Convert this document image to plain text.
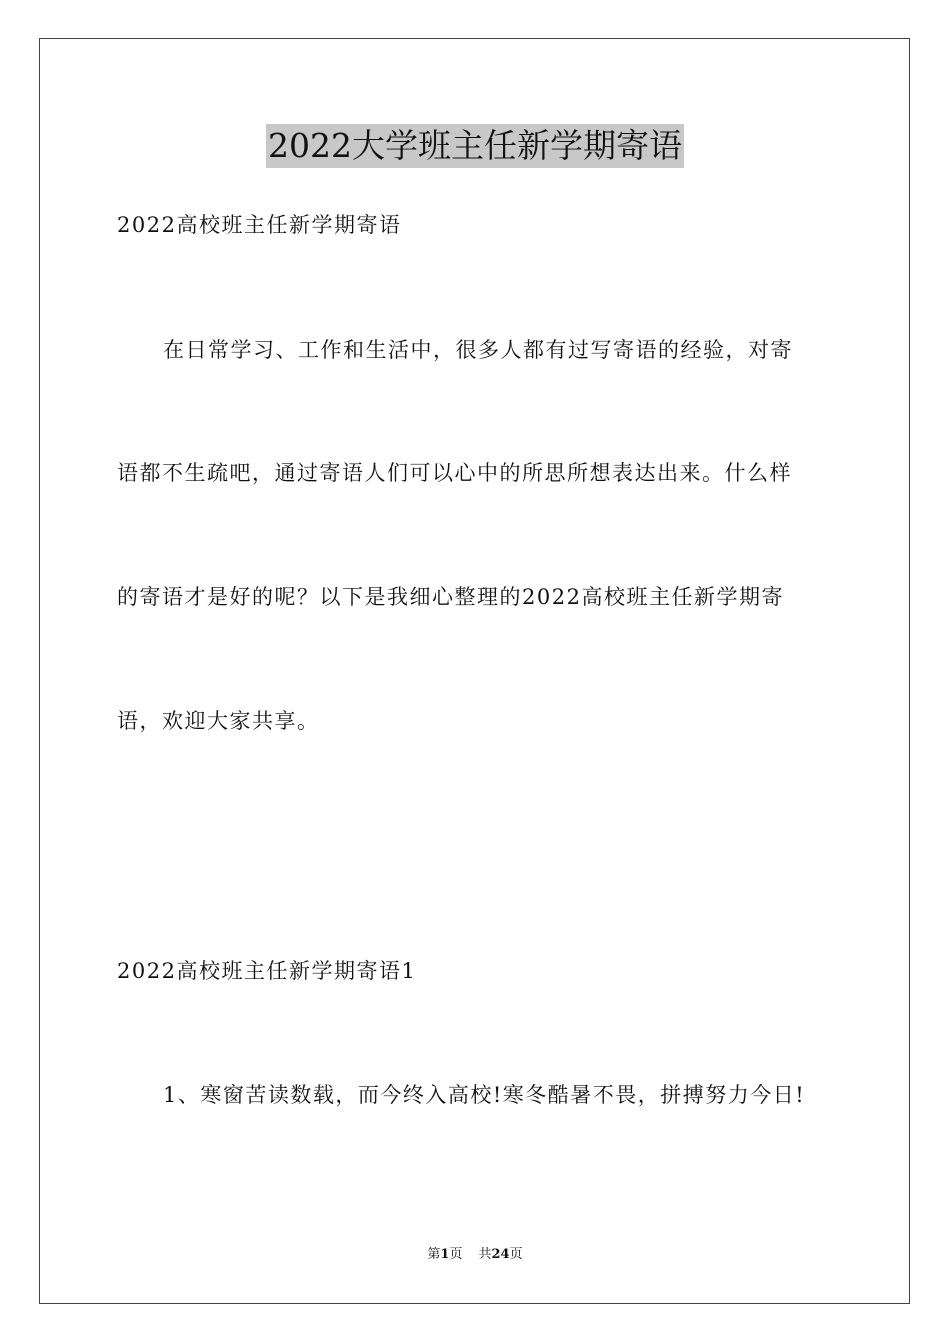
2022大学班主任新学期寄语
2022高校班主任新学期寄语
在日常学习、工作和生活中，很多人都有过写寄语的经验，对寄
语都不生疏吧，通过寄语人们可以心中的所思所想表达出来。什么样
的寄语才是好的呢？以下是我细心整理的2022高校班主任新学期寄
语，欢迎大家共享。
2022高校班主任新学期寄语1
1、寒窗苦读数载，而今终入高校!寒冬酷暑不畏，拼搏努力今日!
第1页 共24页
